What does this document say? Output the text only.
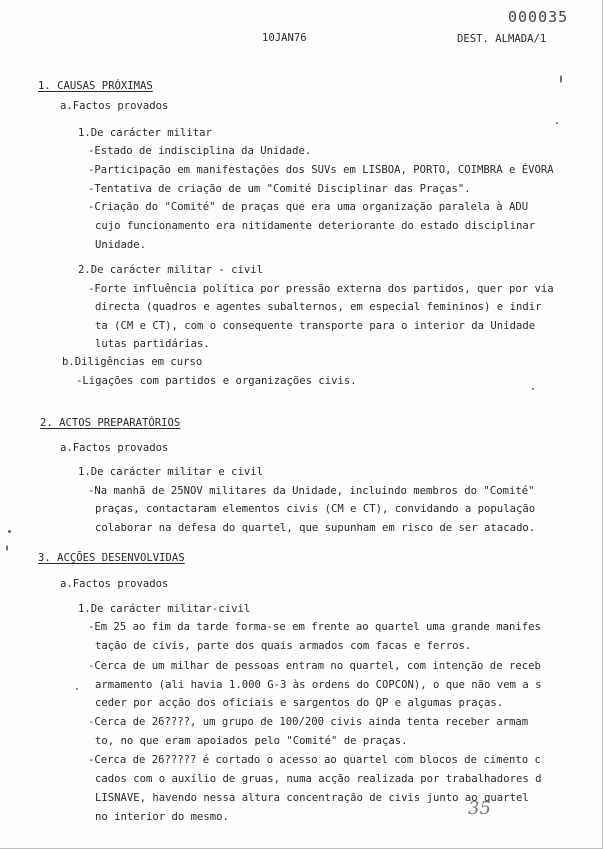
000035
10JAN76	DEST. ALMADA/1
1. CAUSAS PRÓXIMAS
a.Factos provados
1.De carácter militar
-Estado de indisciplina da Unidade.
-Participação em manifestações dos SUVs em LISBOA, PORTO, COIMBRA e ÉVORA
-Tentativa de criação de um "Comité Disciplinar das Praças".
-Criação do "Comité" de praças que era uma organização paralela à ADU
cujo funcionamento era nitidamente deteriorante do estado disciplinar
Unidade.
2.De carácter militar - civil
-Forte influência política por pressão externa dos partidos, quer por via
directa (quadros e agentes subalternos, em especial femininos) e indir
ta (CM e CT), com o consequente transporte para o interior da Unidade
lutas partidárias.
b.Diligências em curso
-Ligações com partidos e organizações civis.
2. ACTOS PREPARATÓRIOS
a.Factos provados
1.De carácter militar e civil
-Na manhã de 25NOV militares da Unidade, incluindo membros do "Comité"
praças, contactaram elementos civis (CM e CT), convidando a população
colaborar na defesa do quartel, que supunham em risco de ser atacado.
3. ACÇÕES DESENVOLVIDAS
a.Factos provados
1.De carácter militar-civil
-Em 25 ao fim da tarde forma-se em frente ao quartel uma grande manifes
tação de civis, parte dos quais armados com facas e ferros.
-Cerca de um milhar de pessoas entram no quartel, com intenção de receb
armamento (ali havia 1.000 G-3 às ordens do COPCON), o que não vem a s
ceder por acção dos oficiais e sargentos do QP e algumas praças.
-Cerca de 26????, um grupo de 100/200 civis ainda tenta receber armam
to, no que eram apoiados pelo "Comité" de praças.
-Cerca de 26????? é cortado o acesso ao quartel com blocos de cimento c
cados com o auxílio de gruas, numa acção realizada por trabalhadores d
LISNAVE, havendo nessa altura concentração de civis junto ao quartel
no interior do mesmo.	35
